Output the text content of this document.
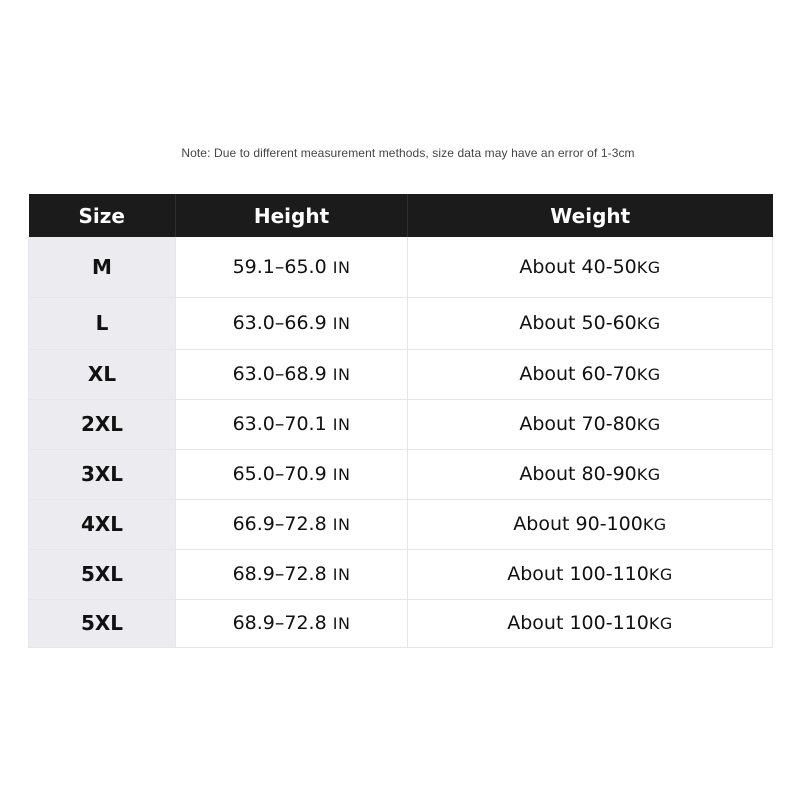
Note: Due to different measurement methods, size data may have an error of 1-3cm
Size	Height	Weight
M	59.1–65.0 IN	About 40-50KG
L	63.0–66.9 IN	About 50-60KG
XL	63.0–68.9 IN	About 60-70KG
2XL	63.0–70.1 IN	About 70-80KG
3XL	65.0–70.9 IN	About 80-90KG
4XL	66.9–72.8 IN	About 90-100KG
5XL	68.9–72.8 IN	About 100-110KG
5XL	68.9–72.8 IN	About 100-110KG
